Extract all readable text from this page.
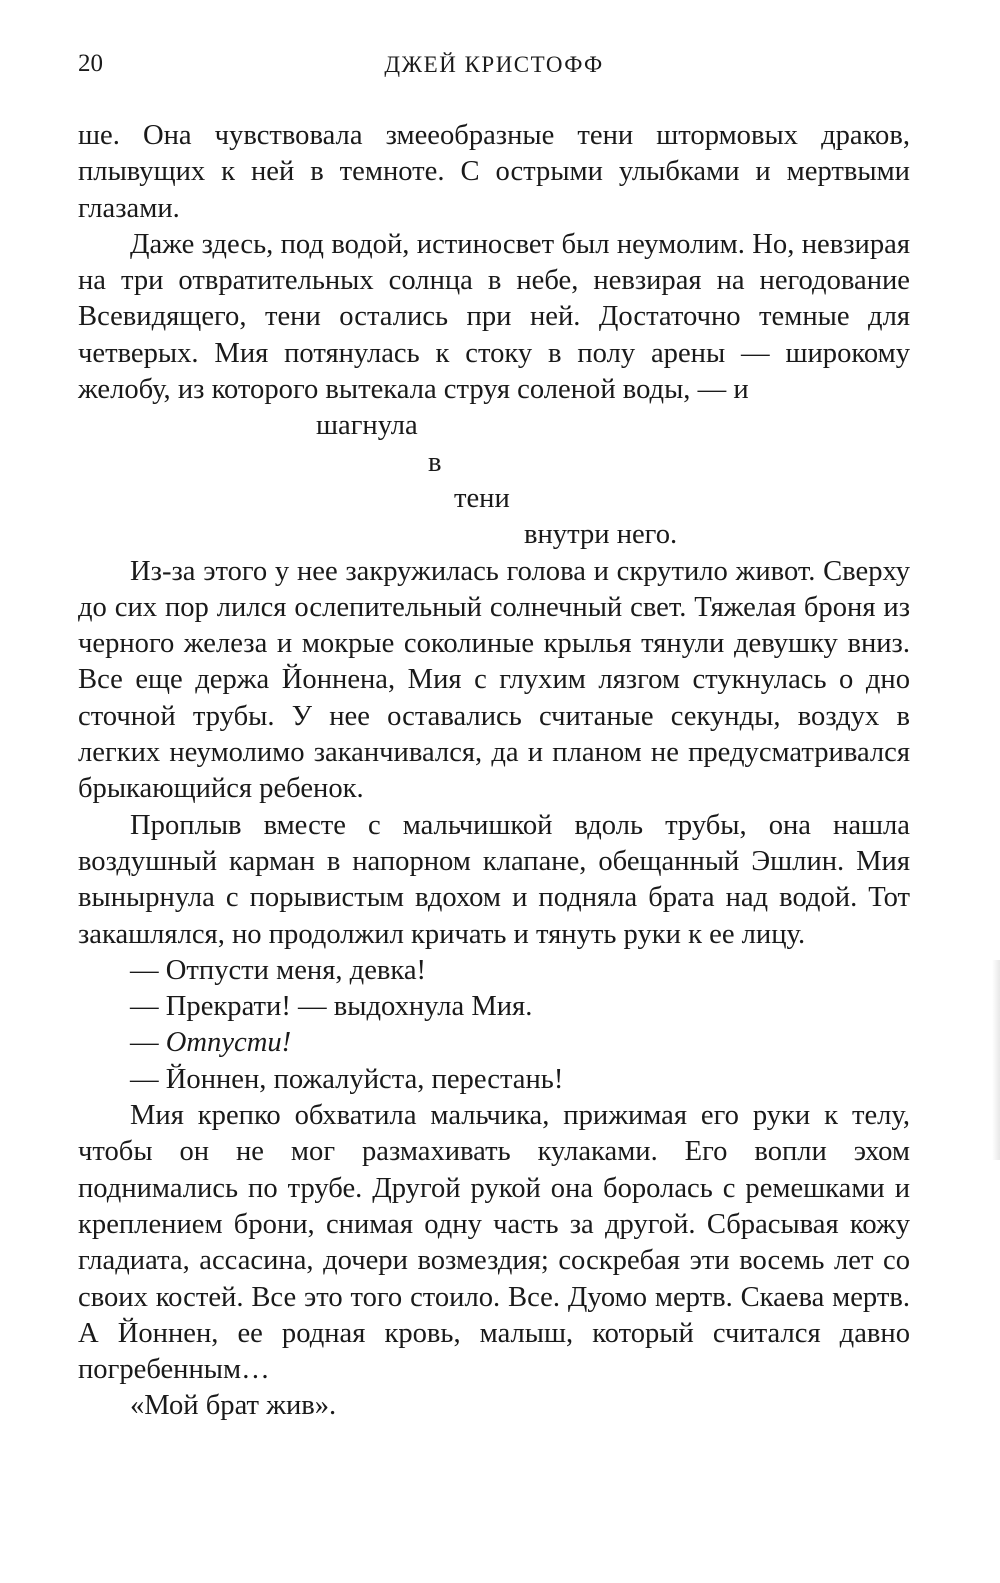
20	ДЖЕЙ КРИСТОФФ

ше. Она чувствовала змееобразные тени штормовых драков, плывущих к ней в темноте. С острыми улыбками и мертвыми глазами.

Даже здесь, под водой, истиносвет был неумолим. Но, невзирая на три отвратительных солнца в небе, невзирая на негодование Всевидящего, тени остались при ней. Достаточно темные для четверых. Мия потянулась к стоку в полу арены — широкому желобу, из которого вытекала струя соленой воды, — и

шагнула

в

тени

внутри него.

Из-за этого у нее закружилась голова и скрутило живот. Сверху до сих пор лился ослепительный солнечный свет. Тяжелая броня из черного железа и мокрые соколиные крылья тянули девушку вниз. Все еще держа Йоннена, Мия с глухим лязгом стукнулась о дно сточной трубы. У нее оставались считаные секунды, воздух в легких неумолимо заканчивался, да и планом не предусматривался брыкающийся ребенок.

Проплыв вместе с мальчишкой вдоль трубы, она нашла воздушный карман в напорном клапане, обещанный Эшлин. Мия вынырнула с порывистым вдохом и подняла брата над водой. Тот закашлялся, но продолжил кричать и тянуть руки к ее лицу.

— Отпусти меня, девка!

— Прекрати! — выдохнула Мия.

— Отпусти!

— Йоннен, пожалуйста, перестань!

Мия крепко обхватила мальчика, прижимая его руки к телу, чтобы он не мог размахивать кулаками. Его вопли эхом поднимались по трубе. Другой рукой она боролась с ремешками и креплением брони, снимая одну часть за другой. Сбрасывая кожу гладиата, ассасина, дочери возмездия; соскребая эти восемь лет со своих костей. Все это того стоило. Все. Дуомо мертв. Скаева мертв. А Йоннен, ее родная кровь, малыш, который считался давно погребенным…

«Мой брат жив».
